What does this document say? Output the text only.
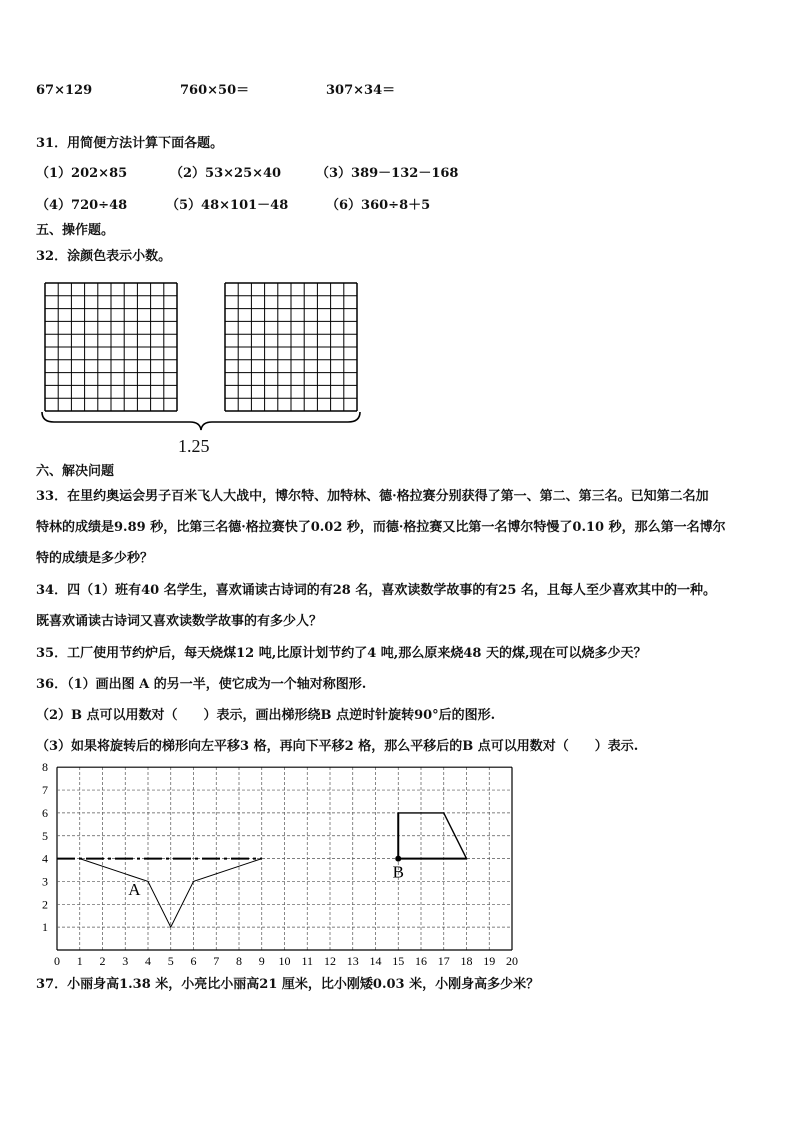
67×129	760×50＝	307×34＝
31．用简便方法计算下面各题。
（1）202×85	（2）53×25×40	（3）389－132－168
（4）720÷48	（5）48×101－48	（6）360÷8＋5
五、操作题。
32．涂颜色表示小数。
1.25
六、解决问题
33．在里约奥运会男子百米飞人大战中，博尔特、加特林、德·格拉赛分别获得了第一、第二、第三名。已知第二名加
特林的成绩是9.89 秒，比第三名德·格拉赛快了0.02 秒，而德·格拉赛又比第一名博尔特慢了0.10 秒，那么第一名博尔
特的成绩是多少秒？
34．四（1）班有40 名学生，喜欢诵读古诗词的有28 名，喜欢读数学故事的有25 名，且每人至少喜欢其中的一种。
既喜欢诵读古诗词又喜欢读数学故事的有多少人？
35．工厂使用节约炉后，每天烧煤12 吨,比原计划节约了4 吨,那么原来烧48 天的煤,现在可以烧多少天？
36．（1）画出图 A 的另一半，使它成为一个轴对称图形.
（2）B 点可以用数对（　　）表示，画出梯形绕B 点逆时针旋转90°后的图形.
（3）如果将旋转后的梯形向左平移3 格，再向下平移2 格，那么平移后的B 点可以用数对（　　）表示.
0 1 2 3 4 5 6 7 8 9 10 11 12 13 14 15 16 17 18 19 20
1
2
3
4
5
6
7
8
A
B
37．小丽身高1.38 米，小亮比小丽高21 厘米，比小刚矮0.03 米，小刚身高多少米？
